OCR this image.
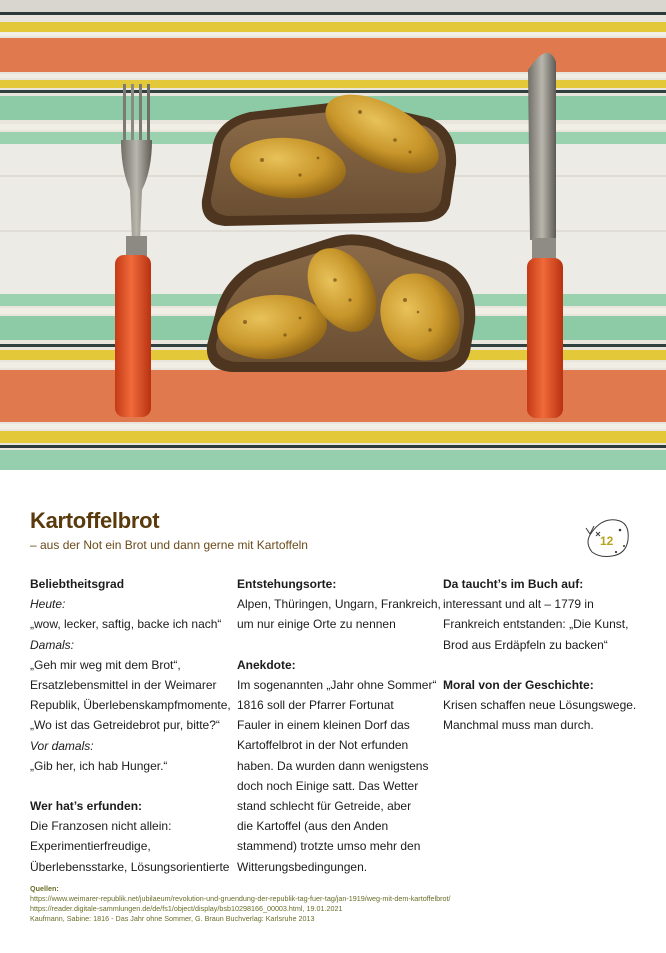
Kartoffelbrot
– aus der Not ein Brot und dann gerne mit Kartoffeln	12
Beliebtheitsgrad
Heute:
„wow, lecker, saftig, backe ich nach“
Damals:
„Geh mir weg mit dem Brot“,
Ersatzlebensmittel in der Weimarer
Republik, Überlebenskampfmomente,
„Wo ist das Getreidebrot pur, bitte?“
Vor damals:
„Gib her, ich hab Hunger.“
Wer hat’s erfunden:
Die Franzosen nicht allein:
Experimentierfreudige,
Überlebensstarke, Lösungsorientierte
Entstehungsorte:
Alpen, Thüringen, Ungarn, Frankreich,
um nur einige Orte zu nennen
Anekdote:
Im sogenannten „Jahr ohne Sommer“
1816 soll der Pfarrer Fortunat
Fauler in einem kleinen Dorf das
Kartoffelbrot in der Not erfunden
haben. Da wurden dann wenigstens
doch noch Einige satt. Das Wetter
stand schlecht für Getreide, aber
die Kartoffel (aus den Anden
stammend) trotzte umso mehr den
Witterungsbedingungen.
Da taucht’s im Buch auf:
interessant und alt – 1779 in
Frankreich entstanden: „Die Kunst,
Brod aus Erdäpfeln zu backen“
Moral von der Geschichte:
Krisen schaffen neue Lösungswege.
Manchmal muss man durch.
Quellen:
https://www.weimarer-republik.net/jubilaeum/revolution-und-gruendung-der-republik-tag-fuer-tag/jan-1919/weg-mit-dem-kartoffelbrot/
https://reader.digitale-sammlungen.de/de/fs1/object/display/bsb10298166_00003.html, 19.01.2021
Kaufmann, Sabine: 1816 - Das Jahr ohne Sommer, G. Braun Buchverlag: Karlsruhe 2013
